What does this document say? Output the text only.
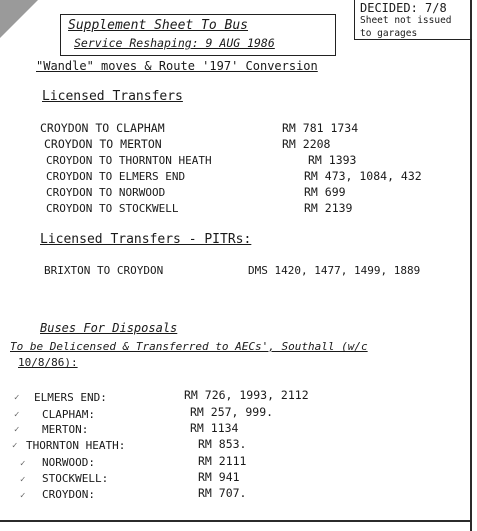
Supplement Sheet To Bus
Service Reshaping: 9 AUG 1986
DECIDED: 7/8
Sheet not issued
to garages
"Wandle" moves & Route '197' Conversion
Licensed Transfers
CROYDON TO CLAPHAM	RM 781 1734
CROYDON TO MERTON	RM 2208
CROYDON TO THORNTON HEATH	RM 1393
CROYDON TO ELMERS END	RM 473, 1084, 432
CROYDON TO NORWOOD	RM 699
CROYDON TO STOCKWELL	RM 2139
Licensed Transfers - PITRs:
BRIXTON TO CROYDON	DMS 1420, 1477, 1499, 1889
Buses For Disposals
To be Delicensed & Transferred to AECs', Southall (w/c
10/8/86):
✓ ELMERS END:	RM 726, 1993, 2112
✓ CLAPHAM:	RM 257, 999.
✓ MERTON:	RM 1134
✓ THORNTON HEATH:	RM 853.
✓ NORWOOD:	RM 2111
✓ STOCKWELL:	RM 941
✓ CROYDON:	RM 707.
